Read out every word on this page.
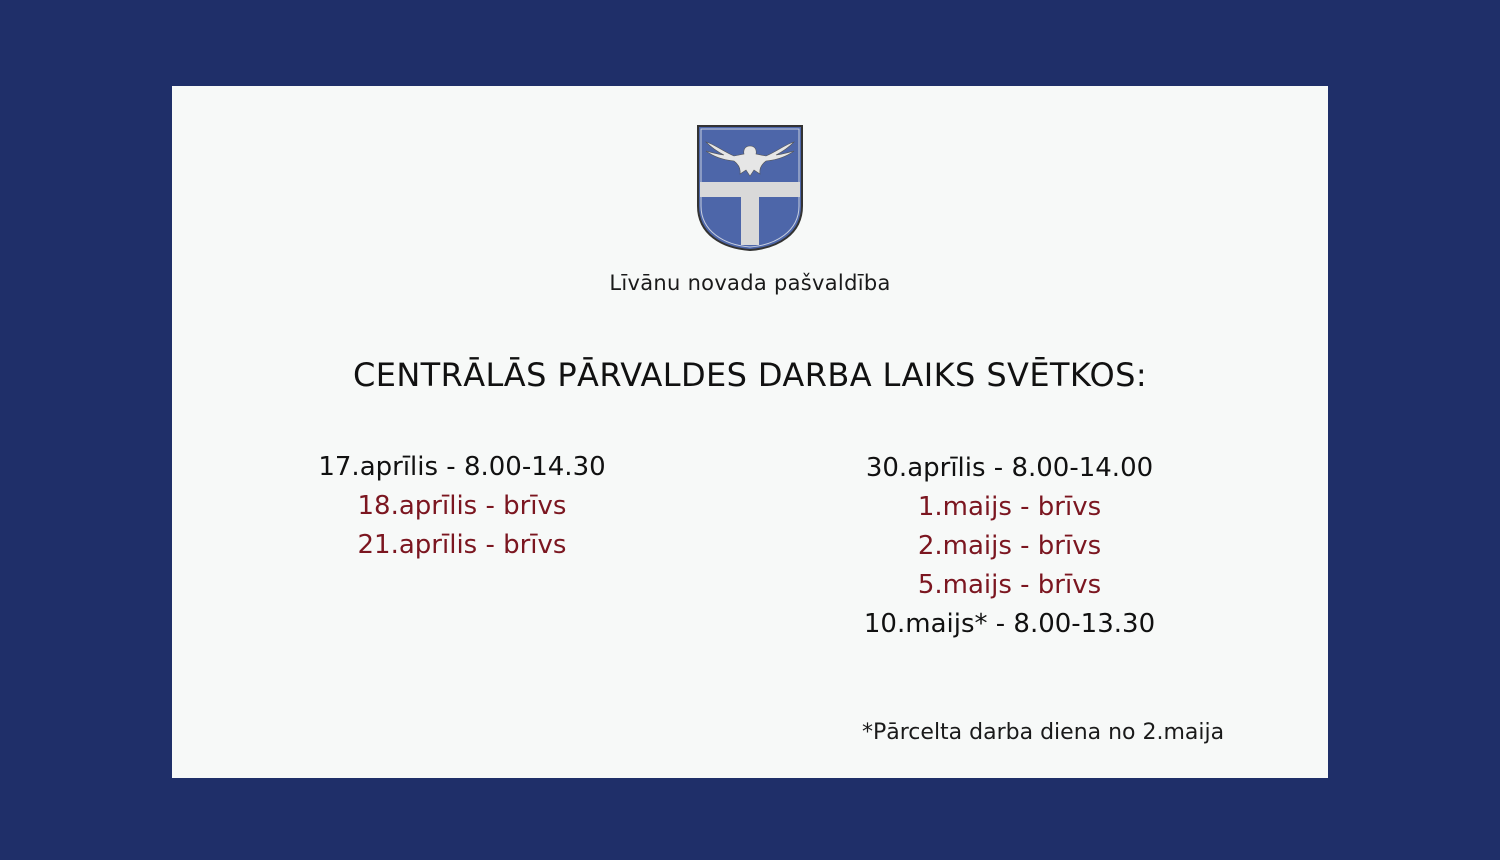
Līvānu novada pašvaldība
CENTRĀLĀS PĀRVALDES DARBA LAIKS SVĒTKOS:
17.aprīlis - 8.00-14.30
18.aprīlis - brīvs
21.aprīlis - brīvs
30.aprīlis - 8.00-14.00
1.maijs - brīvs
2.maijs - brīvs
5.maijs - brīvs
10.maijs* - 8.00-13.30
*Pārcelta darba diena no 2.maija
